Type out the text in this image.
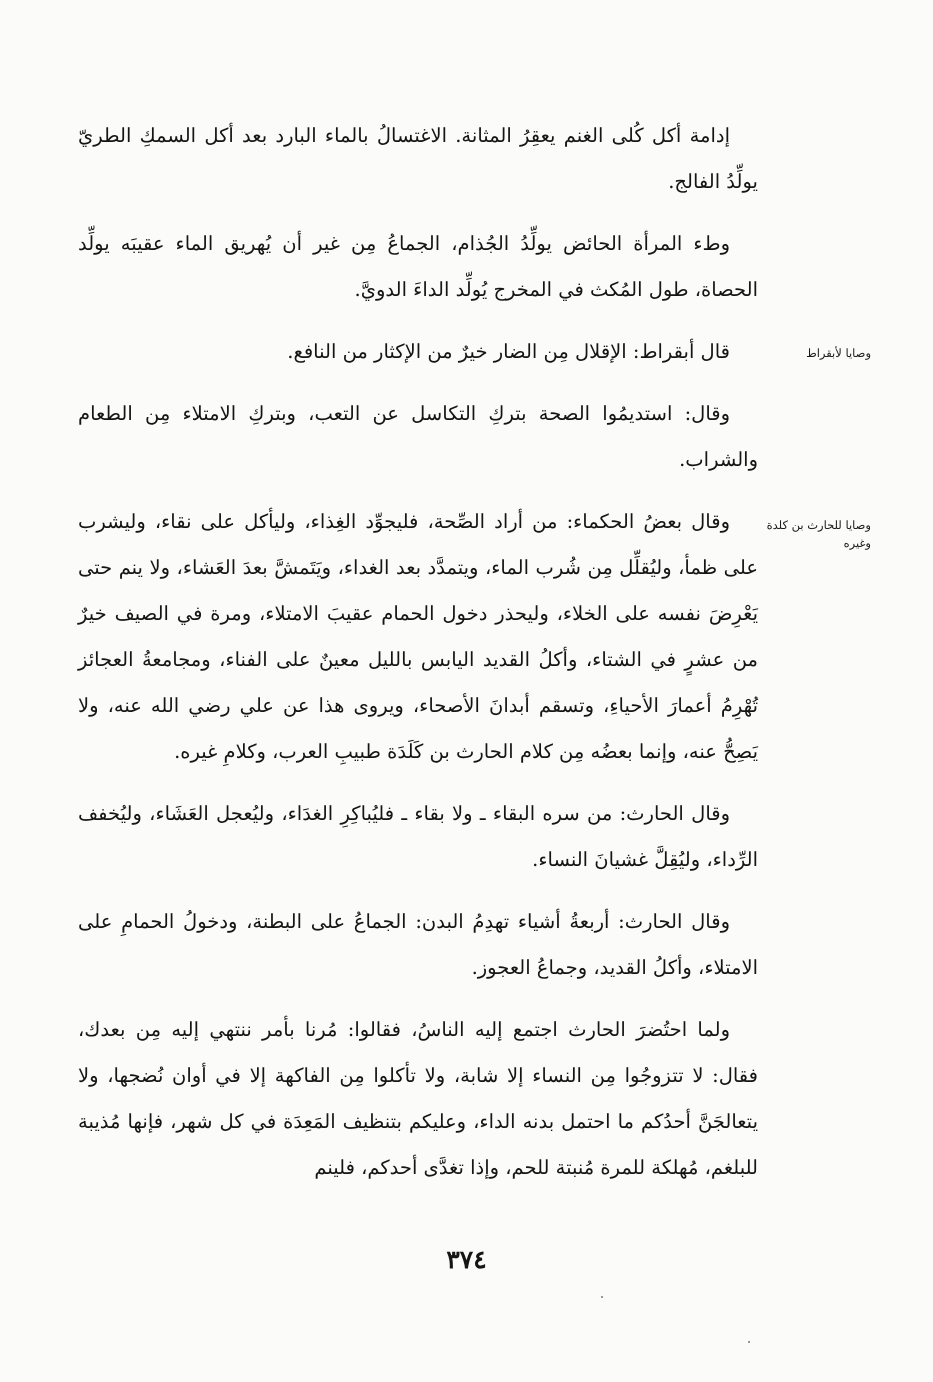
وصايا لأبقراط
وصايا للحارث بن كلدة وغيره

إدامة أكل كُلى الغنم يعقِرُ المثانة. الاغتسالُ بالماء البارد بعد أكل السمكِ الطريّ يولِّدُ الفالج.

وطء المرأة الحائض يولِّدُ الجُذام، الجماعُ مِن غير أن يُهريق الماء عقيبَه يولِّد الحصاة، طول المُكث في المخرج يُولِّد الداءَ الدويَّ.

قال أبقراط: الإقلال مِن الضار خيرٌ من الإكثار من النافع.

وقال: استديمُوا الصحة بتركِ التكاسل عن التعب، وبتركِ الامتلاء مِن الطعام والشراب.

وقال بعضُ الحكماء: من أراد الصِّحة، فليجوِّد الغِذاء، وليأكل على نقاء، وليشرب على ظمأ، وليُقلِّل مِن شُرب الماء، ويتمدَّد بعد الغداء، ويَتَمشَّ بعدَ العَشاء، ولا ينم حتى يَعْرِضَ نفسه على الخلاء، وليحذر دخول الحمام عقيبَ الامتلاء، ومرة في الصيف خيرٌ من عشرٍ في الشتاء، وأكلُ القديد اليابس بالليل معينٌ على الفناء، ومجامعةُ العجائز تُهْرِمُ أعمارَ الأحياءِ، وتسقم أبدانَ الأصحاء، ويروى هذا عن علي رضي الله عنه، ولا يَصِحُّ عنه، وإنما بعضُه مِن كلام الحارث بن كَلَدَة طبيبِ العرب، وكلامِ غيره.

وقال الحارث: من سره البقاء ـ ولا بقاء ـ فليُباكِرِ الغدَاء، وليُعجل العَشَاء، وليُخفف الرِّداء، وليُقِلَّ غشيانَ النساء.

وقال الحارث: أربعةُ أشياء تهدِمُ البدن: الجماعُ على البطنة، ودخولُ الحمامِ على الامتلاء، وأكلُ القديد، وجماعُ العجوز.

ولما احتُضرَ الحارث اجتمع إليه الناسُ، فقالوا: مُرنا بأمر ننتهي إليه مِن بعدك، فقال: لا تتزوجُوا مِن النساء إلا شابة، ولا تأكلوا مِن الفاكهة إلا في أوان نُضجها، ولا يتعالجَنَّ أحدُكم ما احتمل بدنه الداء، وعليكم بتنظيف المَعِدَة في كل شهر، فإنها مُذيبة للبلغم، مُهلكة للمرة مُنبتة للحم، وإذا تغدَّى أحدكم، فلينم

٣٧٤
